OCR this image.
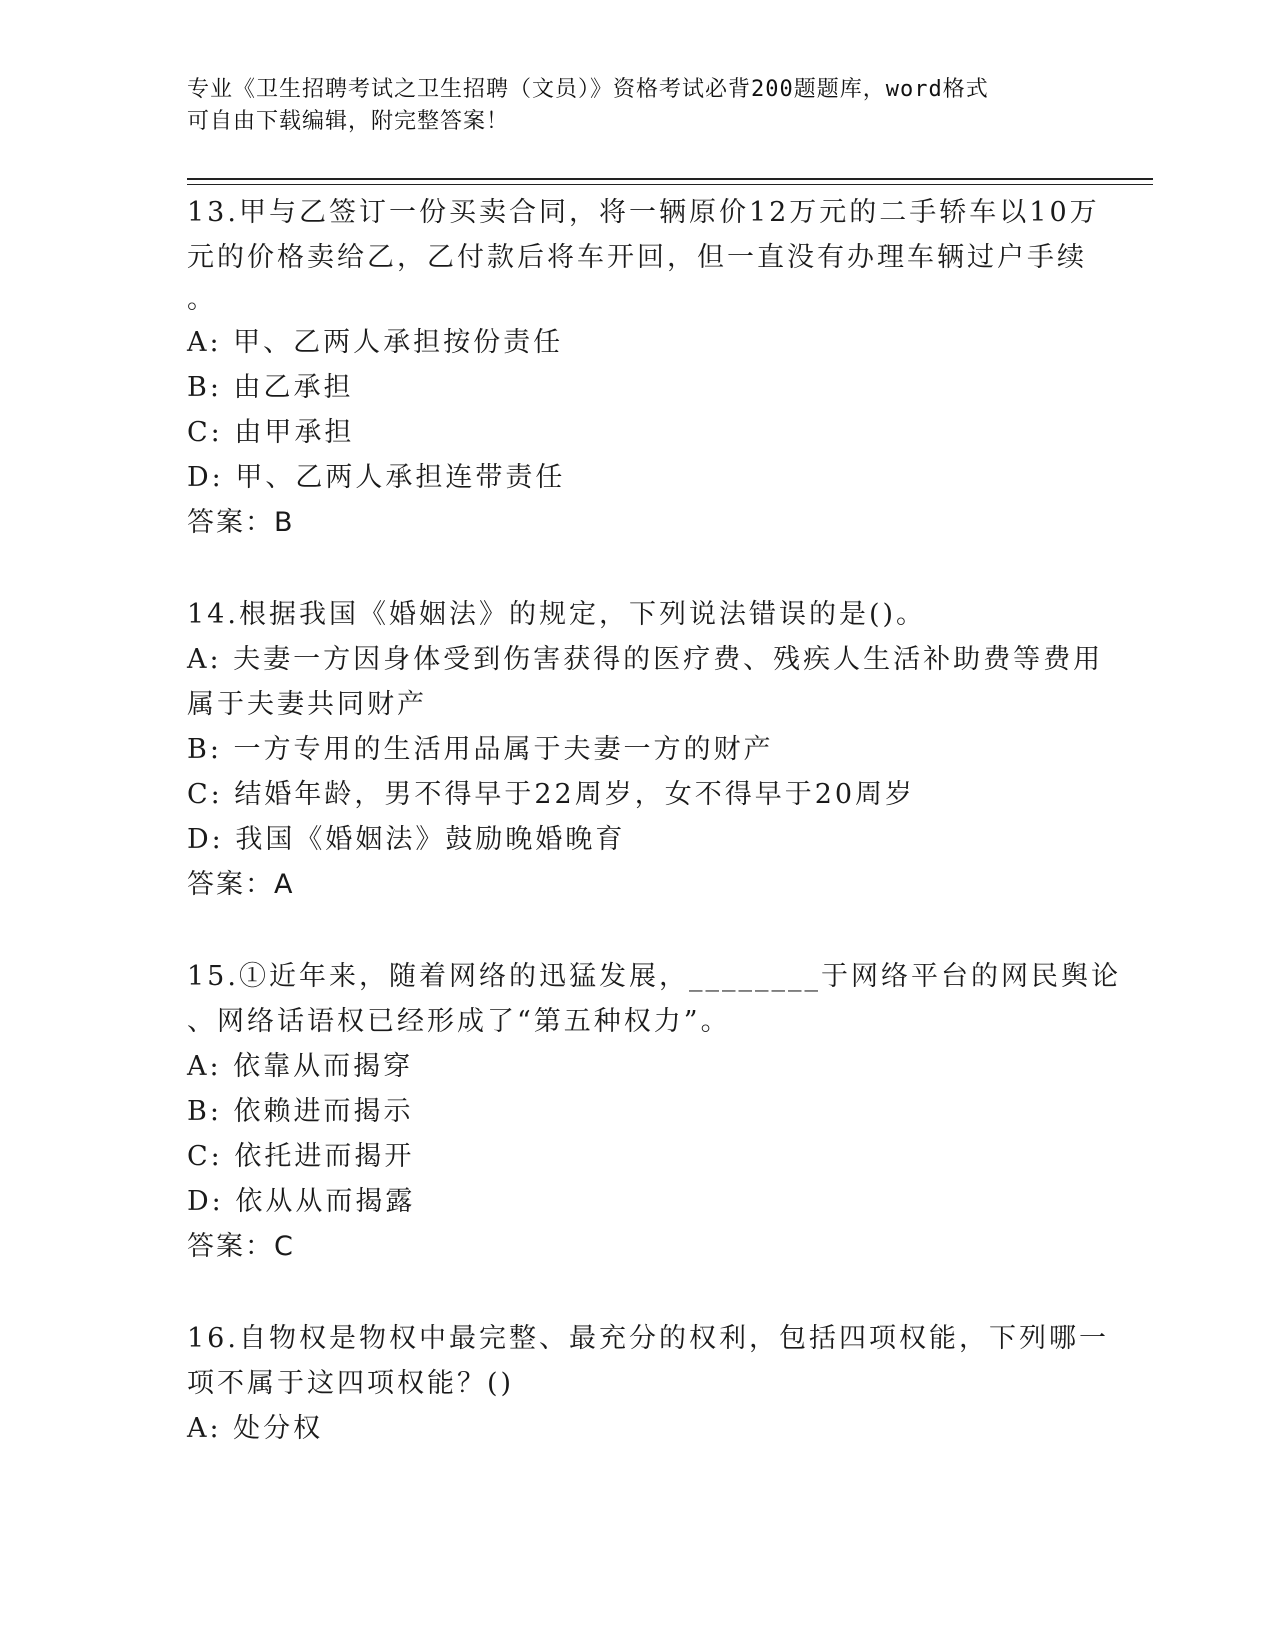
专业《卫生招聘考试之卫生招聘（文员）》资格考试必背200题题库，word格式
可自由下载编辑，附完整答案！
13.甲与乙签订一份买卖合同，将一辆原价12万元的二手轿车以10万
元的价格卖给乙，乙付款后将车开回，但一直没有办理车辆过户手续
。
A: 甲、乙两人承担按份责任
B: 由乙承担
C: 由甲承担
D: 甲、乙两人承担连带责任
答案：B
14.根据我国《婚姻法》的规定，下列说法错误的是()。
A: 夫妻一方因身体受到伤害获得的医疗费、残疾人生活补助费等费用
属于夫妻共同财产
B: 一方专用的生活用品属于夫妻一方的财产
C: 结婚年龄，男不得早于22周岁，女不得早于20周岁
D: 我国《婚姻法》鼓励晚婚晚育
答案：A
15.①近年来，随着网络的迅猛发展，________于网络平台的网民舆论
、网络话语权已经形成了“第五种权力”。
A: 依靠从而揭穿
B: 依赖进而揭示
C: 依托进而揭开
D: 依从从而揭露
答案：C
16.自物权是物权中最完整、最充分的权利，包括四项权能，下列哪一
项不属于这四项权能？()
A: 处分权
